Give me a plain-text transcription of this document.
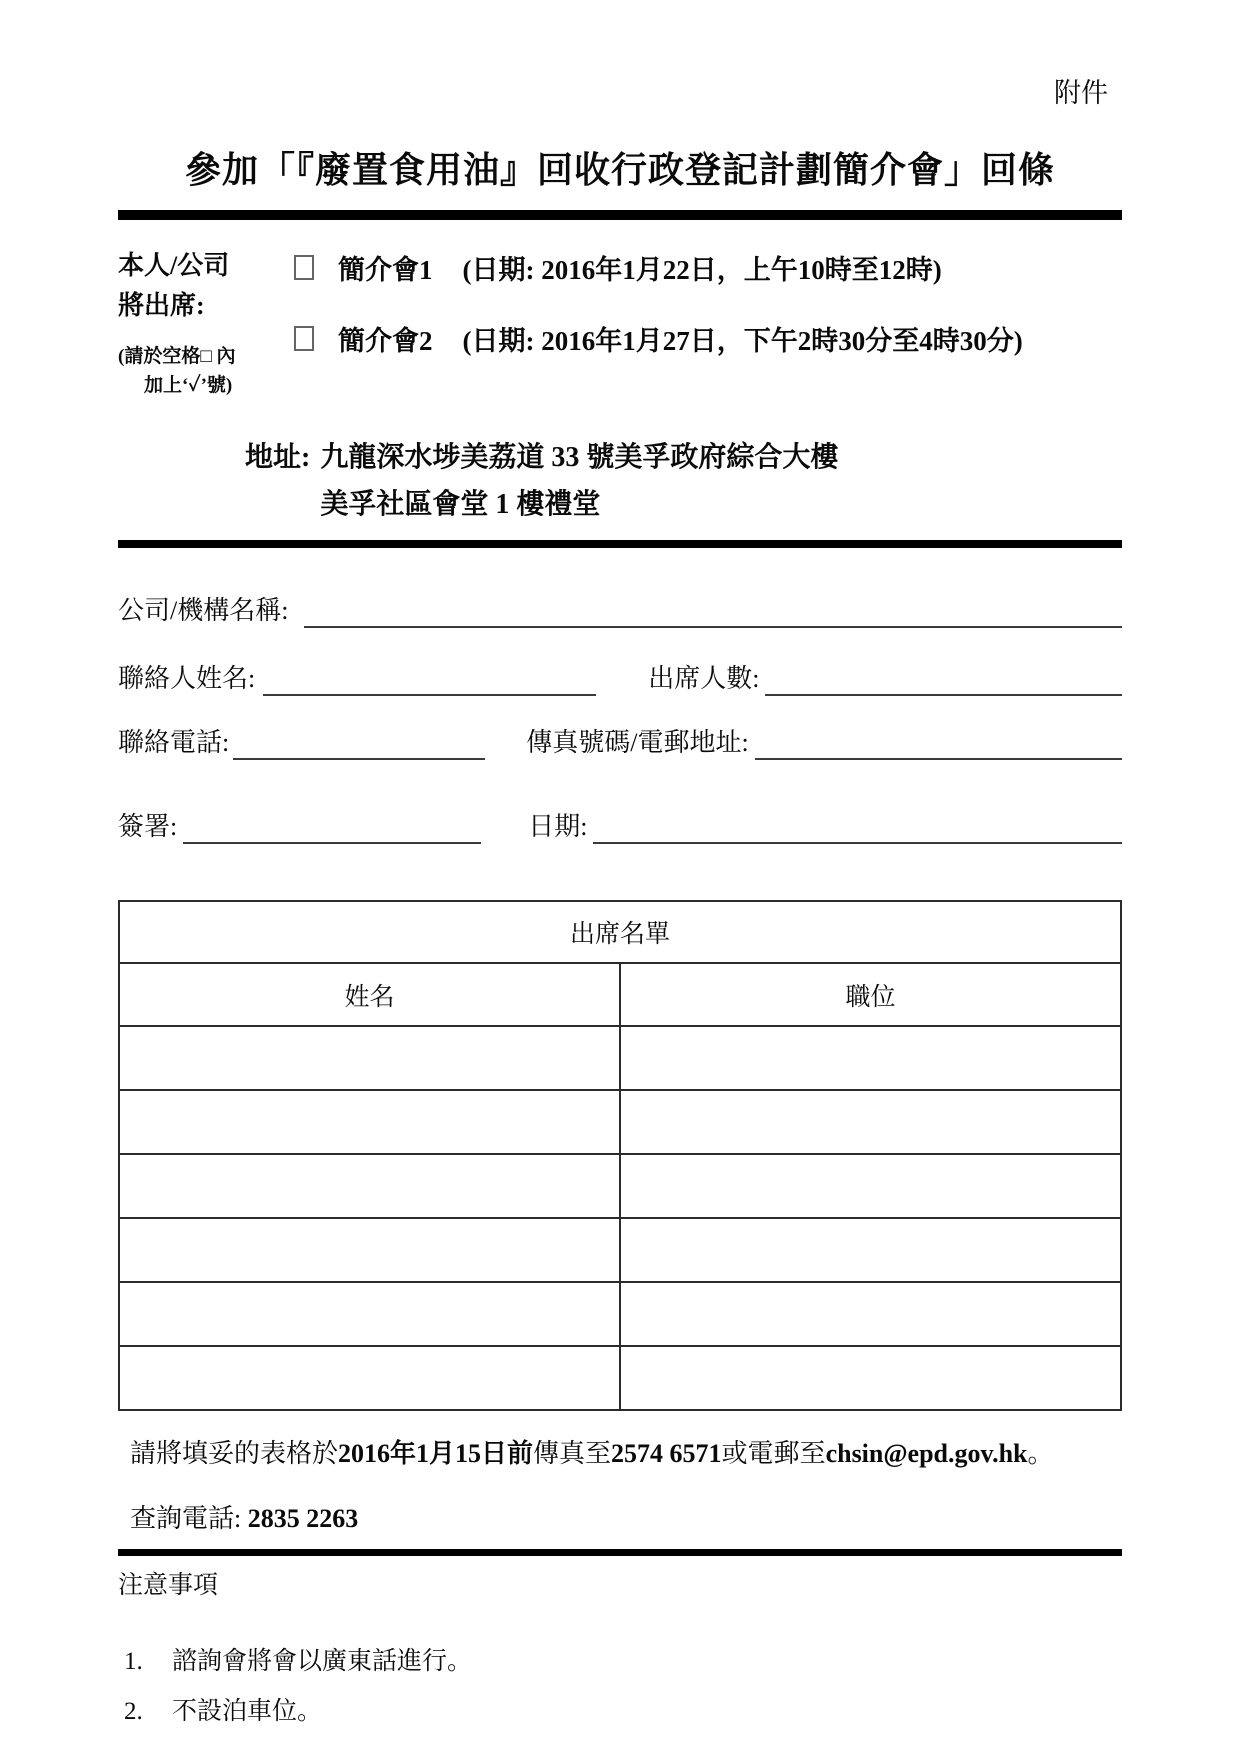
附件
參加「『廢置食用油』回收行政登記計劃簡介會」回條
本人/公司
將出席:
(請於空格□ 內
加上‘✓’號)
簡介會1 (日期: 2016年1月22日，上午10時至12時)
簡介會2 (日期: 2016年1月27日，下午2時30分至4時30分)
地址: 九龍深水埗美荔道 33 號美孚政府綜合大樓
美孚社區會堂 1 樓禮堂
公司/機構名稱:
聯絡人姓名:	出席人數:
聯絡電話:	傳真號碼/電郵地址:
簽署:	日期:
出席名單	
姓名	職位

請將填妥的表格於2016年1月15日前傳真至2574 6571或電郵至chsin@epd.gov.hk。
查詢電話: 2835 2263
注意事項
1.	諮詢會將會以廣東話進行。
2.	不設泊車位。
